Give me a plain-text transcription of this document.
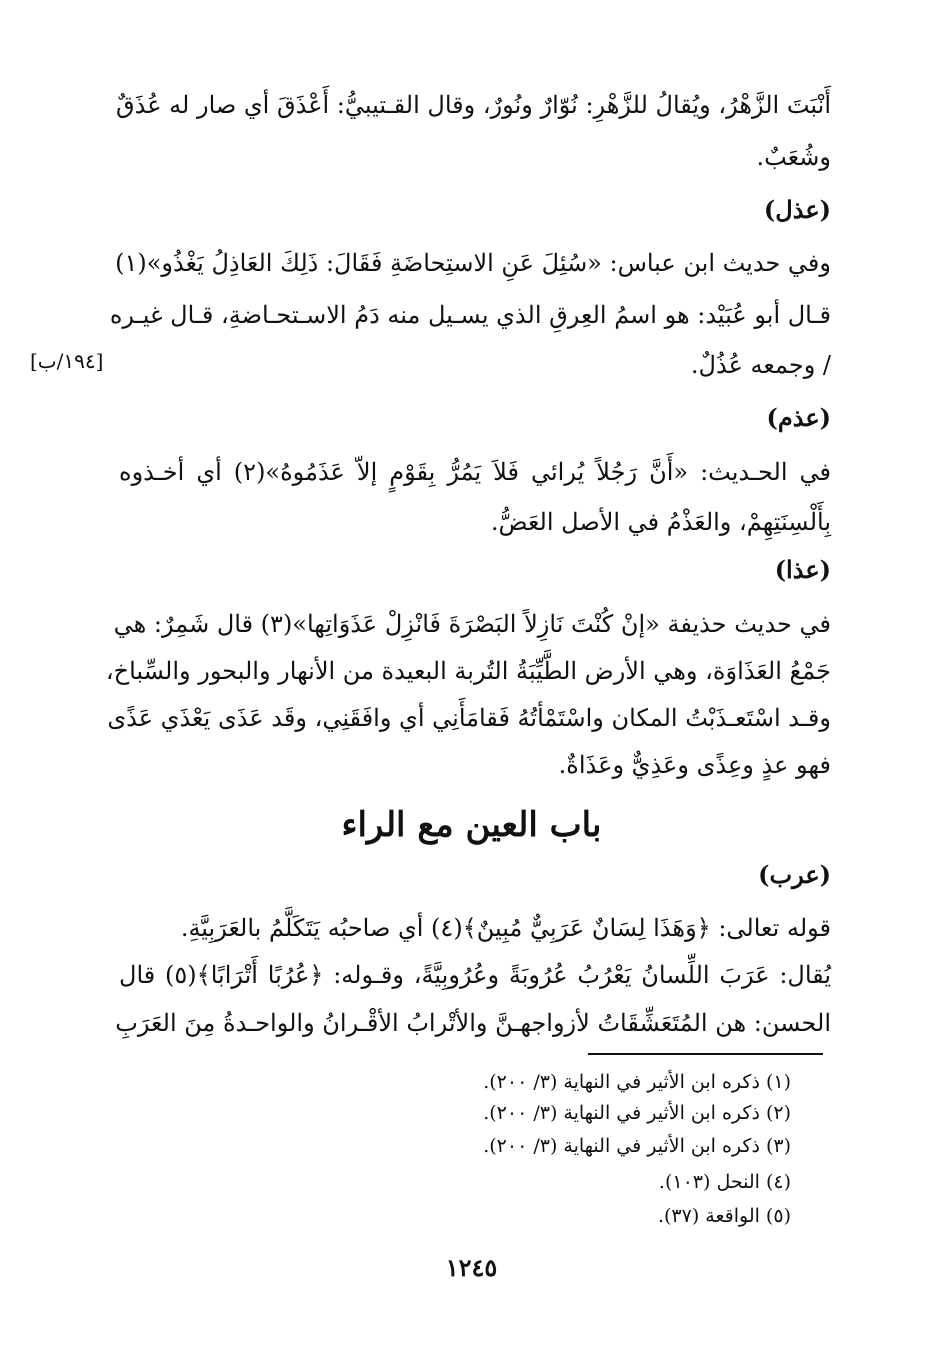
أَنْبَتَ الزَّهْرُ، ويُقالُ للزَّهْرِ: نُوّارٌ ونُورٌ، وقال القـتيبيُّ: أَعْذَقَ أي صار له عُذَقٌ
وشُعَبٌ.
(عذل)
وفي حديث ابن عباس: «سُئِلَ عَنِ الاستِحاضَةِ فَقَالَ: ذَلِكَ العَاذِلُ يَغْذُو»(١)
قـال أبو عُبَيْد: هو اسمُ العِرقِ الذي يسـيل منه دَمُ الاسـتحـاضةِ، قـال غيـره
/ وجمعه عُذُلٌ.
[١٩٤/ب]
(عذم)
في الحـديث: «أَنَّ رَجُلاً يُرائي فَلاَ يَمُرُّ بِقَوْمٍ إلاّ عَذَمُوهُ»(٢) أي أخـذوه
بِأَلْسِنَتِهِمْ، والعَذْمُ في الأصل العَضُّ.
(عذا)
في حديث حذيفة «إنْ كُنْتَ نَازِلاً البَصْرَةَ فَانْزِلْ عَذَوَاتِها»(٣) قال شَمِرٌ: هي
جَمْعُ العَذَاوَة، وهي الأرض الطَّيِّبَةُ التُربة البعيدة من الأنهار والبحور والسِّباخ،
وقـد اسْتَعـذَبْتُ المكان واسْتَمْأتُهُ فَقامَأَنِي أي وافَقَنِي، وقَد عَذَى يَعْذَي عَذًى
فهو عذٍ وعِذًى وعَذِيٌّ وعَذَاةٌ.
باب العين مع الراء
(عرب)
قوله تعالى: ﴿وَهَذَا لِسَانٌ عَرَبِيٌّ مُبِينٌ﴾(٤) أي صاحبُه يَتَكَلَّمُ بالعَرَبِيَّةِ.
يُقال: عَرَبَ اللِّسانُ يَعْرُبُ عُرُوبَةً وعُرُوبِيَّةً، وقـوله: ﴿عُرُبًا أَتْرَابًا﴾(٥) قال
الحسن: هن المُتَعَشِّقَاتُ لأزواجهـنَّ والأتْرابُ الأقْـرانُ والواحـدةُ مِنَ العَرَبِ
(١) ذكره ابن الأثير في النهاية (٣/ ٢٠٠).
(٢) ذكره ابن الأثير في النهاية (٣/ ٢٠٠).
(٣) ذكره ابن الأثير في النهاية (٣/ ٢٠٠).
(٤) النحل (١٠٣).
(٥) الواقعة (٣٧).
١٢٤٥
